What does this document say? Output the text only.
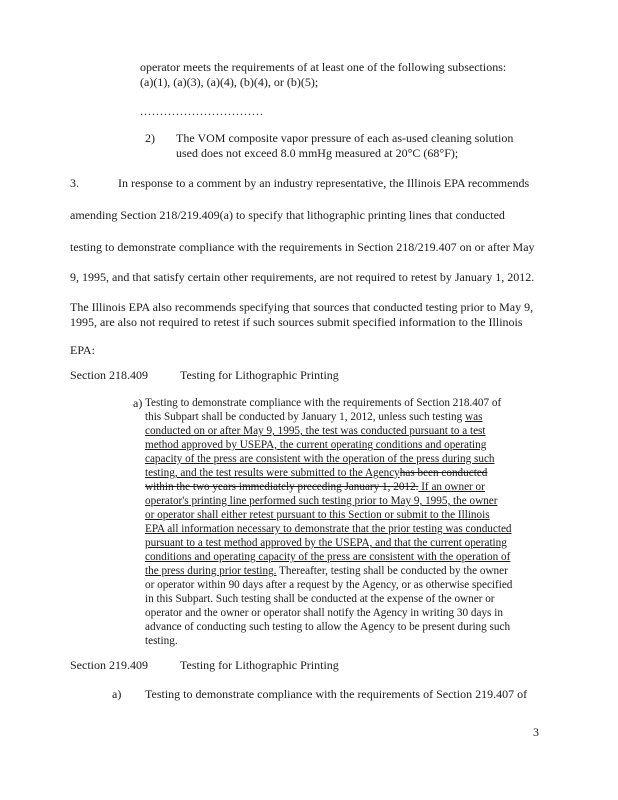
operator meets the requirements of at least one of the following subsections:

(a)(1), (a)(3), (a)(4), (b)(4), or (b)(5);

...............................

2) The VOM composite vapor pressure of each as-used cleaning solution

used does not exceed 8.0 mmHg measured at 20°C (68°F);

3.	In response to a comment by an industry representative, the Illinois EPA recommends

amending Section 218/219.409(a) to specify that lithographic printing lines that conducted

testing to demonstrate compliance with the requirements in Section 218/219.407 on or after May

9, 1995, and that satisfy certain other requirements, are not required to retest by January 1, 2012.

The Illinois EPA also recommends specifying that sources that conducted testing prior to May 9,

1995, are also not required to retest if such sources submit specified information to the Illinois

EPA:

Section 218.409	Testing for Lithographic Printing

a) Testing to demonstrate compliance with the requirements of Section 218.407 of

this Subpart shall be conducted by January 1, 2012, unless such testing was

conducted on or after May 9, 1995, the test was conducted pursuant to a test

method approved by USEPA, the current operating conditions and operating

capacity of the press are consistent with the operation of the press during such

testing, and the test results were submitted to the Agencyhas been conducted

within the two years immediately preceding January 1, 2012. If an owner or

operator's printing line performed such testing prior to May 9, 1995, the owner

or operator shall either retest pursuant to this Section or submit to the Illinois

EPA all information necessary to demonstrate that the prior testing was conducted

pursuant to a test method approved by the USEPA, and that the current operating

conditions and operating capacity of the press are consistent with the operation of

the press during prior testing. Thereafter, testing shall be conducted by the owner

or operator within 90 days after a request by the Agency, or as otherwise specified

in this Subpart. Such testing shall be conducted at the expense of the owner or

operator and the owner or operator shall notify the Agency in writing 30 days in

advance of conducting such testing to allow the Agency to be present during such

testing.

Section 219.409	Testing for Lithographic Printing

a) Testing to demonstrate compliance with the requirements of Section 219.407 of

3
